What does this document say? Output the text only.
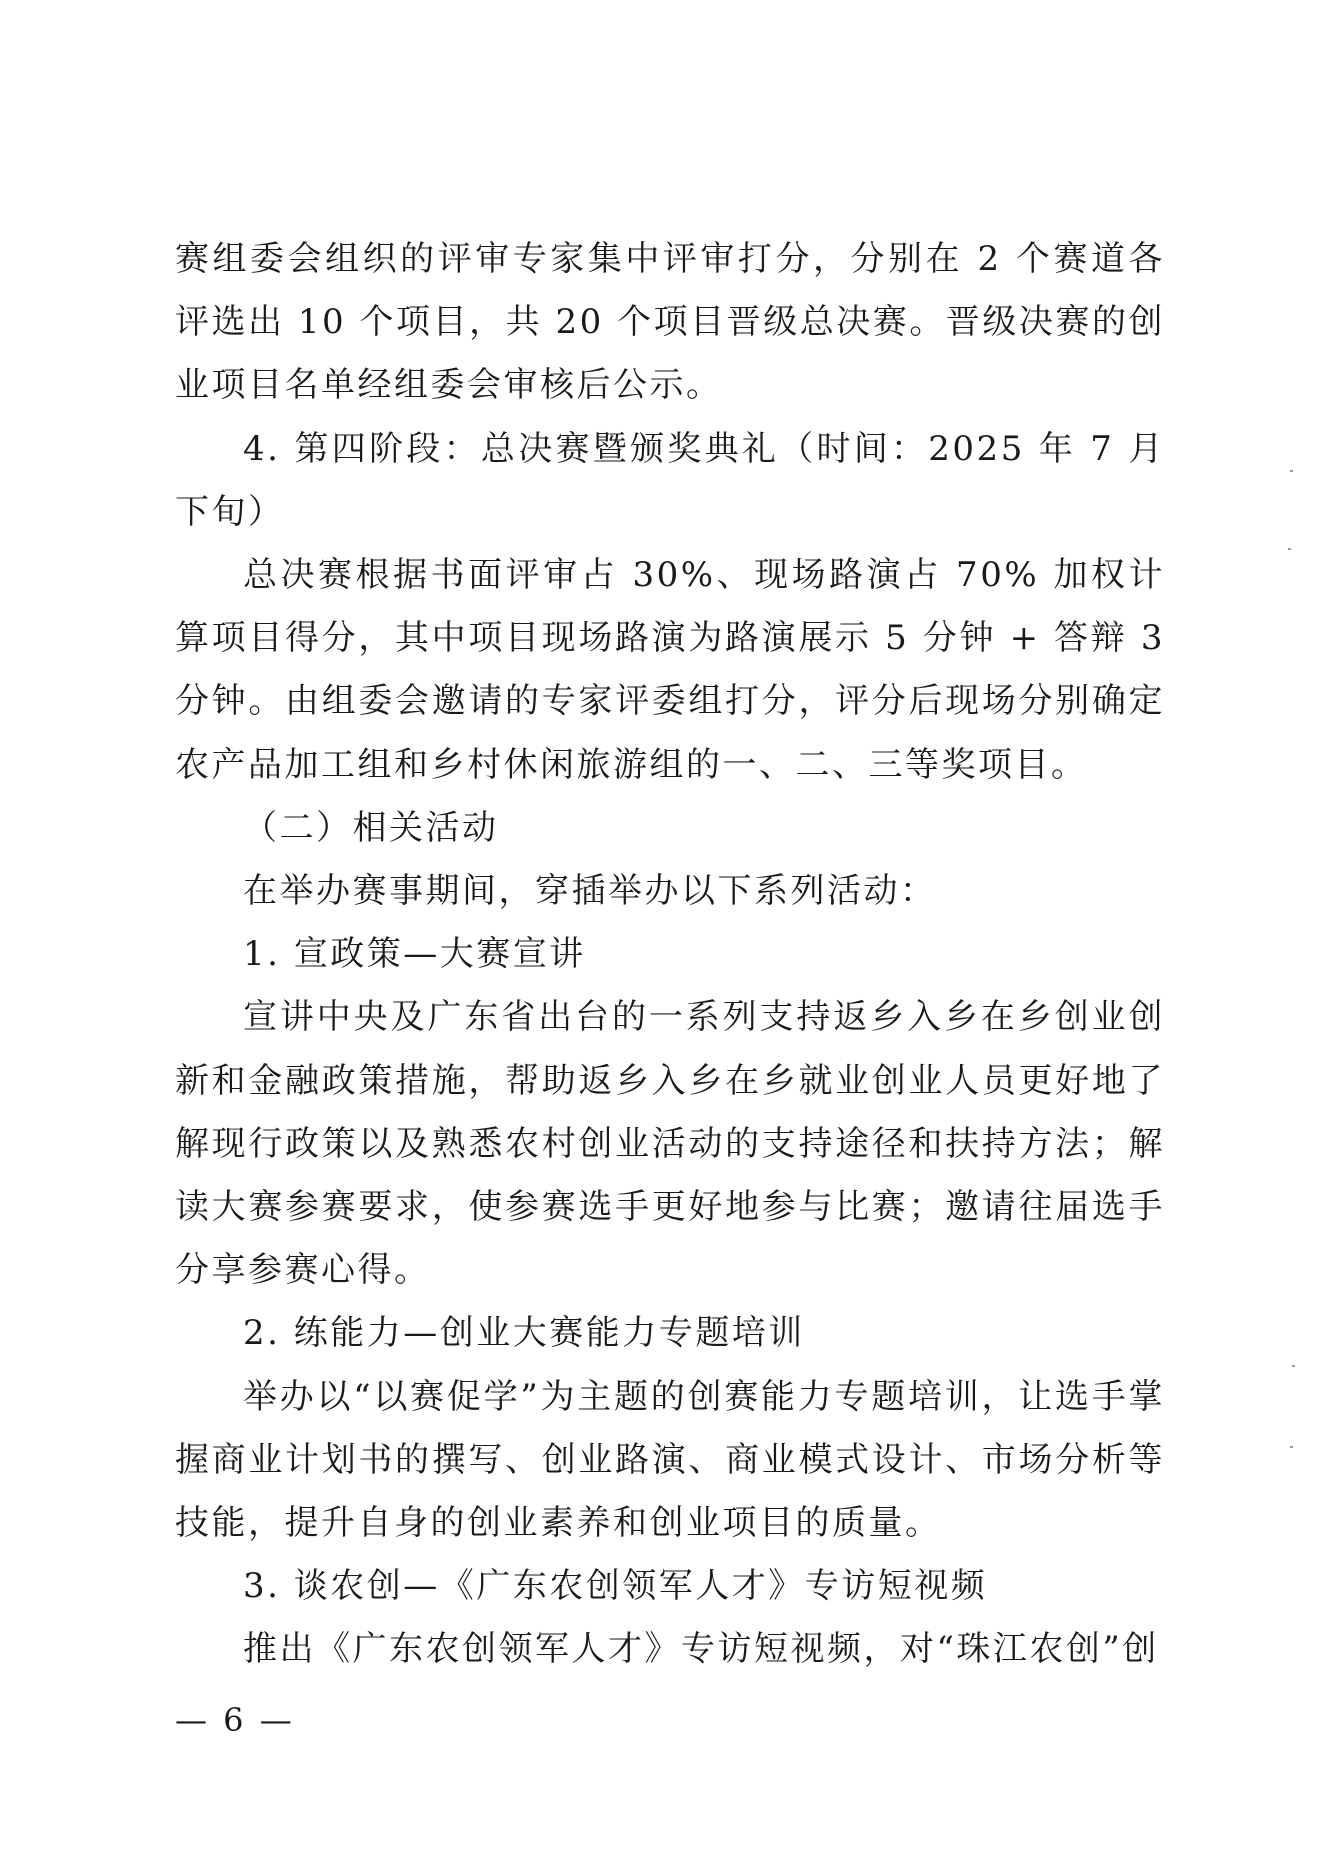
赛组委会组织的评审专家集中评审打分，分别在 2 个赛道各评选出 10 个项目，共 20 个项目晋级总决赛。晋级决赛的创业项目名单经组委会审核后公示。

4. 第四阶段：总决赛暨颁奖典礼（时间：2025 年 7 月下旬）

总决赛根据书面评审占 30%、现场路演占 70% 加权计算项目得分，其中项目现场路演为路演展示 5 分钟 + 答辩 3 分钟。由组委会邀请的专家评委组打分，评分后现场分别确定农产品加工组和乡村休闲旅游组的一、二、三等奖项目。

（二）相关活动

在举办赛事期间，穿插举办以下系列活动：

1. 宣政策—大赛宣讲

宣讲中央及广东省出台的一系列支持返乡入乡在乡创业创新和金融政策措施，帮助返乡入乡在乡就业创业人员更好地了解现行政策以及熟悉农村创业活动的支持途径和扶持方法；解读大赛参赛要求，使参赛选手更好地参与比赛；邀请往届选手分享参赛心得。

2. 练能力—创业大赛能力专题培训

举办以“以赛促学”为主题的创赛能力专题培训，让选手掌握商业计划书的撰写、创业路演、商业模式设计、市场分析等技能，提升自身的创业素养和创业项目的质量。

3. 谈农创—《广东农创领军人才》专访短视频

推出《广东农创领军人才》专访短视频，对“珠江农创”创

— 6 —
